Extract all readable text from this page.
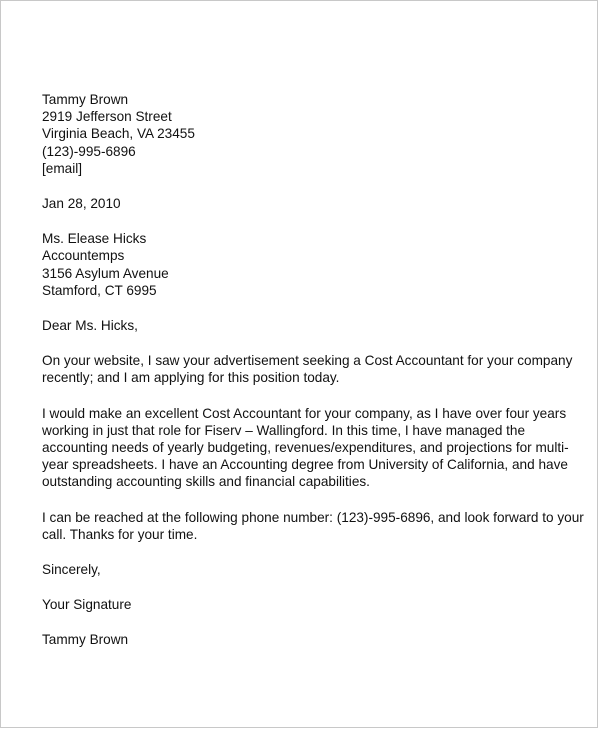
Tammy Brown
2919 Jefferson Street
Virginia Beach, VA 23455
(123)-995-6896
[email]
Jan 28, 2010
Ms. Elease Hicks
Accountemps
3156 Asylum Avenue
Stamford, CT 6995
Dear Ms. Hicks,
On your website, I saw your advertisement seeking a Cost Accountant for your company
recently; and I am applying for this position today.
I would make an excellent Cost Accountant for your company, as I have over four years
working in just that role for Fiserv – Wallingford. In this time, I have managed the
accounting needs of yearly budgeting, revenues/expenditures, and projections for multi-
year spreadsheets. I have an Accounting degree from University of California, and have
outstanding accounting skills and financial capabilities.
I can be reached at the following phone number: (123)-995-6896, and look forward to your
call. Thanks for your time.
Sincerely,
Your Signature
Tammy Brown
